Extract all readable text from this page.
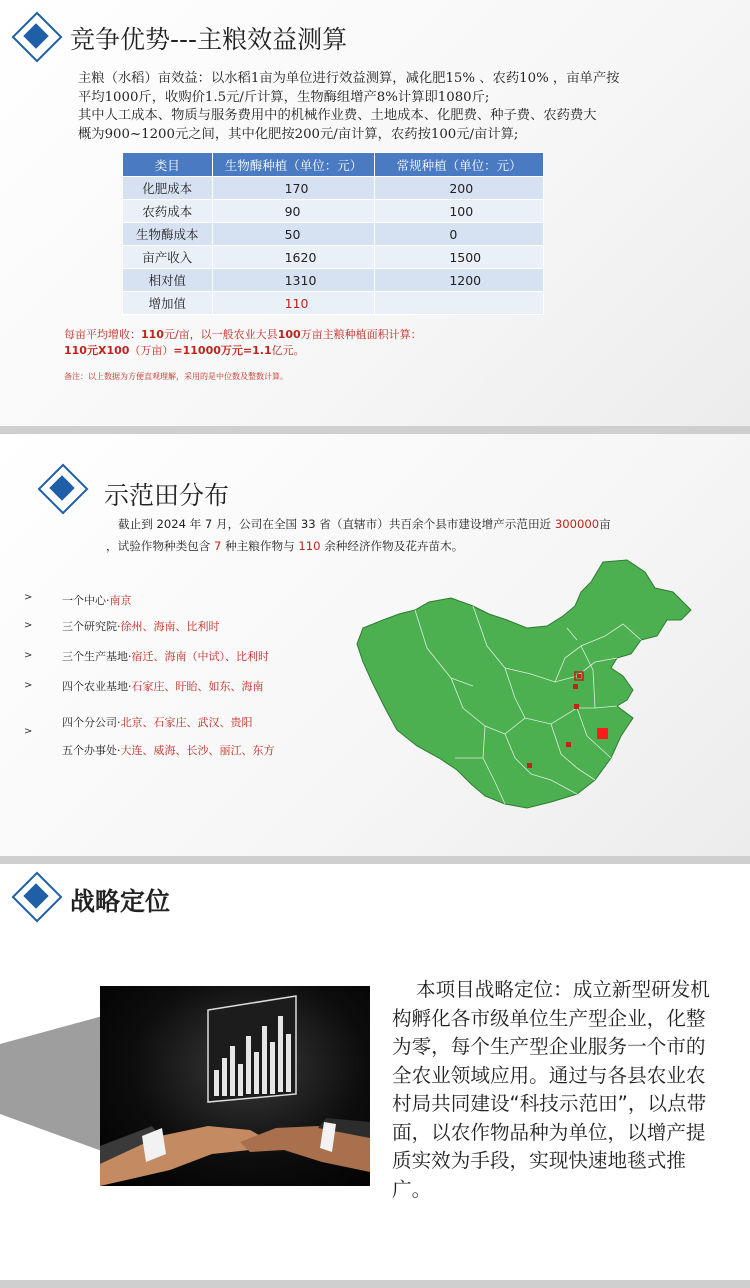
竞争优势---主粮效益测算
主粮（水稻）亩效益：以水稻1亩为单位进行效益测算，减化肥15% 、农药10% ，亩单产按
平均1000斤，收购价1.5元/斤计算，生物酶组增产8%计算即1080斤;
其中人工成本、物质与服务费用中的机械作业费、土地成本、化肥费、种子费、农药费大
概为900~1200元之间，其中化肥按200元/亩计算，农药按100元/亩计算;
类目	生物酶种植（单位：元）	常规种植（单位：元）
化肥成本	170	200
农药成本	90	100
生物酶成本	50	0
亩产收入	1620	1500
相对值	1310	1200
增加值	110	
每亩平均增收：110元/亩，以一般农业大县100万亩主粮种植面积计算：
110元X100（万亩）=11000万元=1.1亿元。
备注：以上数据为方便直观理解，采用的是中位数及整数计算。
示范田分布
截止到 2024 年 7 月，公司在全国 33 省（直辖市）共百余个县市建设增产示范田近 300000亩
，试验作物种类包含 7 种主粮作物与 110 余种经济作物及花卉苗木。
>	一个中心·南京
>	三个研究院·徐州、海南、比利时
>	三个生产基地·宿迁、海南（中试）、比利时
>	四个农业基地·石家庄、盱眙、如东、海南
>
四个分公司·北京、石家庄、武汉、贵阳
五个办事处·大连、威海、长沙、丽江、东方
战略定位
本项目战略定位：成立新型研发机构孵化各市级单位生产型企业，化整为零，每个生产型企业服务一个市的全农业领域应用。通过与各县农业农村局共同建设“科技示范田”，以点带面，以农作物品种为单位，以增产提质实效为手段，实现快速地毯式推广。
